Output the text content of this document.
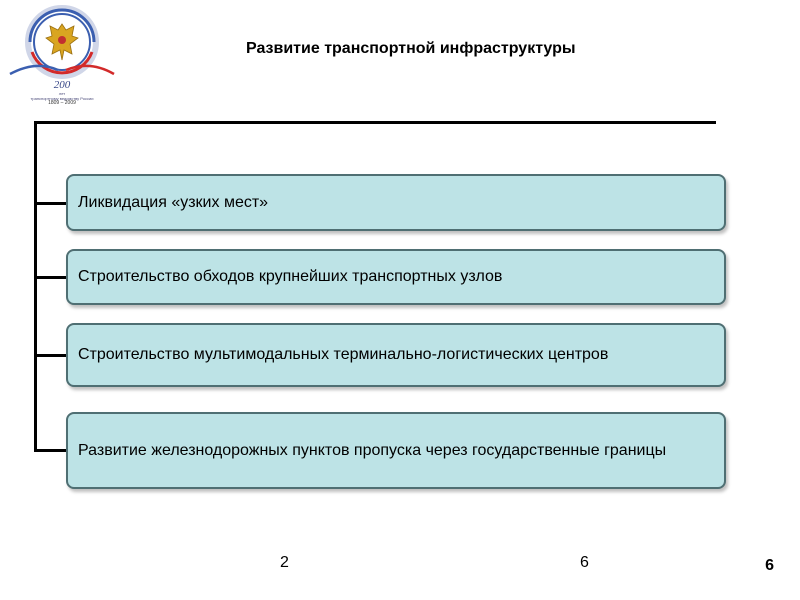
200
лет
транспортному ведомству России
1809 – 2009
Развитие транспортной инфраструктуры
Ликвидация «узких мест»
Строительство обходов крупнейших транспортных узлов
Строительство мультимодальных терминально-логистических центров
Развитие железнодорожных пунктов пропуска через государственные границы
2	6	6
